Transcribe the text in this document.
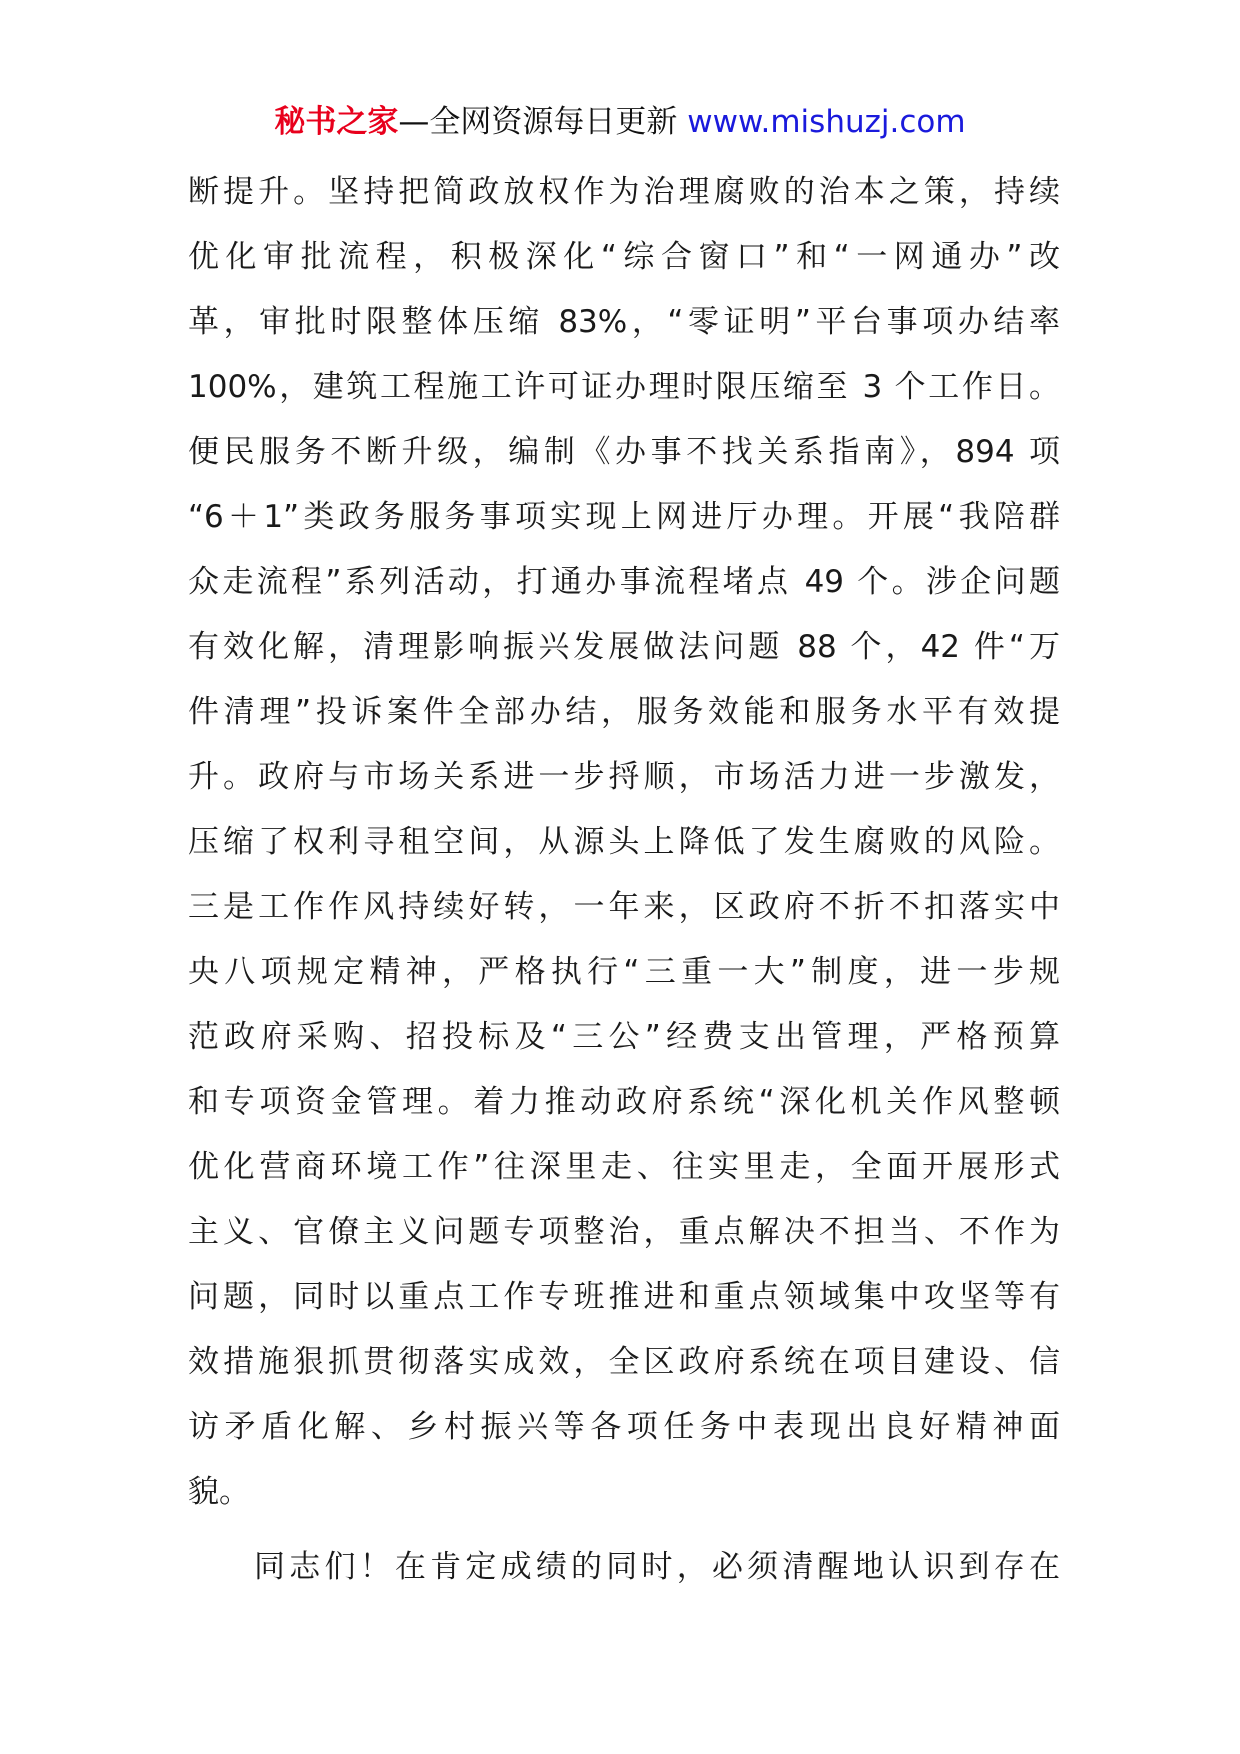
秘书之家—全网资源每日更新 www.mishuzj.com
断提升。坚持把简政放权作为治理腐败的治本之策，持续
优化审批流程，积极深化“综合窗口”和“一网通办”改
革，审批时限整体压缩 83%，“零证明”平台事项办结率
100%，建筑工程施工许可证办理时限压缩至 3 个工作日。
便民服务不断升级，编制《办事不找关系指南》，894 项
“6＋1”类政务服务事项实现上网进厅办理。开展“我陪群
众走流程”系列活动，打通办事流程堵点 49 个。涉企问题
有效化解，清理影响振兴发展做法问题 88 个，42 件“万
件清理”投诉案件全部办结，服务效能和服务水平有效提
升。政府与市场关系进一步捋顺，市场活力进一步激发，
压缩了权利寻租空间，从源头上降低了发生腐败的风险。
三是工作作风持续好转，一年来，区政府不折不扣落实中
央八项规定精神，严格执行“三重一大”制度，进一步规
范政府采购、招投标及“三公”经费支出管理，严格预算
和专项资金管理。着力推动政府系统“深化机关作风整顿
优化营商环境工作”往深里走、往实里走，全面开展形式
主义、官僚主义问题专项整治，重点解决不担当、不作为
问题，同时以重点工作专班推进和重点领域集中攻坚等有
效措施狠抓贯彻落实成效，全区政府系统在项目建设、信
访矛盾化解、乡村振兴等各项任务中表现出良好精神面
貌。
同志们！在肯定成绩的同时，必须清醒地认识到存在
